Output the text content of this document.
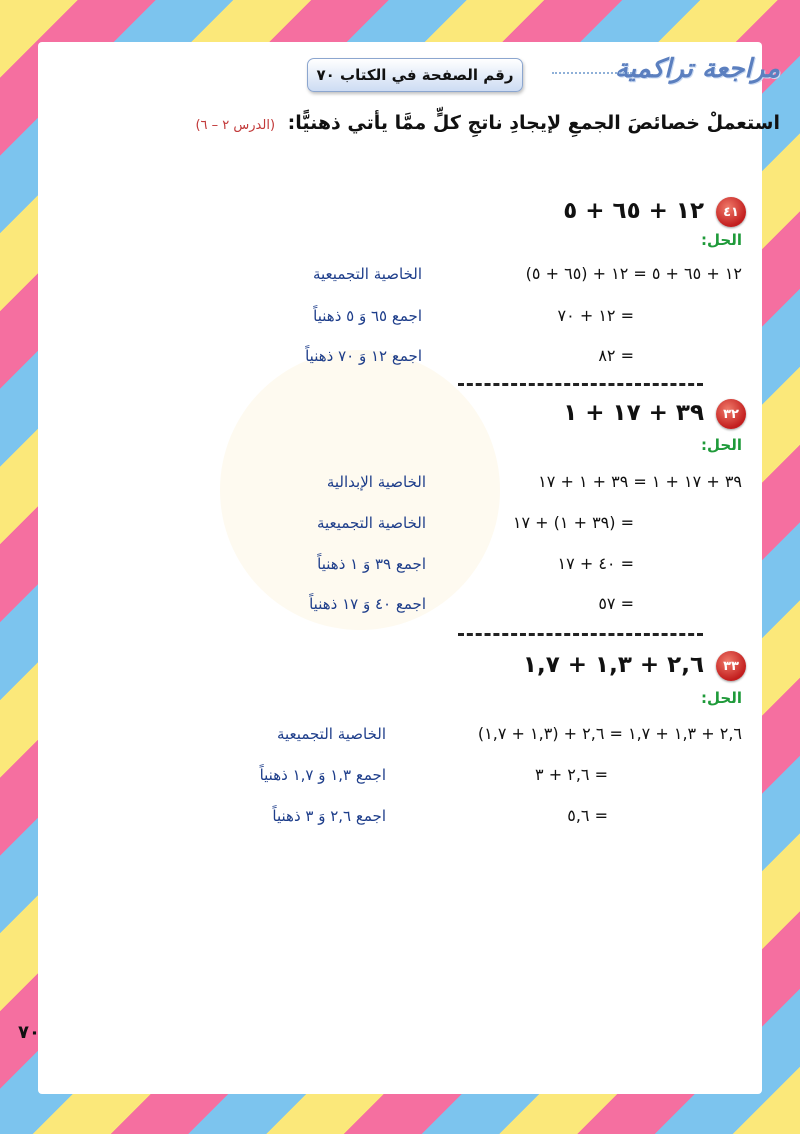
مراجعة تراكمية
رقم الصفحة في الكتاب ٧٠
استعملْ خصائصَ الجمعِ لإيجادِ ناتجِ كلٍّ ممَّا يأتي ذهنيًّا: (الدرس ٢ – ٦)
٤١
١٢ + ٦٥ + ٥
الحل:
١٢ + ٦٥ + ٥ = ١٢ + (٦٥ + ٥)
الخاصية التجميعية
= ١٢ + ٧٠
اجمع ٦٥ وَ ٥ ذهنياً
= ٨٢
اجمع ١٢ وَ ٧٠ ذهنياً
٣٢
٣٩ + ١٧ + ١
الحل:
٣٩ + ١٧ + ١ = ٣٩ + ١ + ١٧
الخاصية الإبدالية
= (٣٩ + ١) + ١٧
الخاصية التجميعية
= ٤٠ + ١٧
اجمع ٣٩ وَ ١ ذهنياً
= ٥٧
اجمع ٤٠ وَ ١٧ ذهنياً
٣٣
٢,٦ + ١,٣ + ١,٧
الحل:
٢,٦ + ١,٣ + ١,٧ = ٢,٦ + (١,٣ + ١,٧)
الخاصية التجميعية
= ٢,٦ + ٣
اجمع ١,٣ وَ ١,٧ ذهنياً
= ٥,٦
اجمع ٢,٦ وَ ٣ ذهنياً
٧٠
